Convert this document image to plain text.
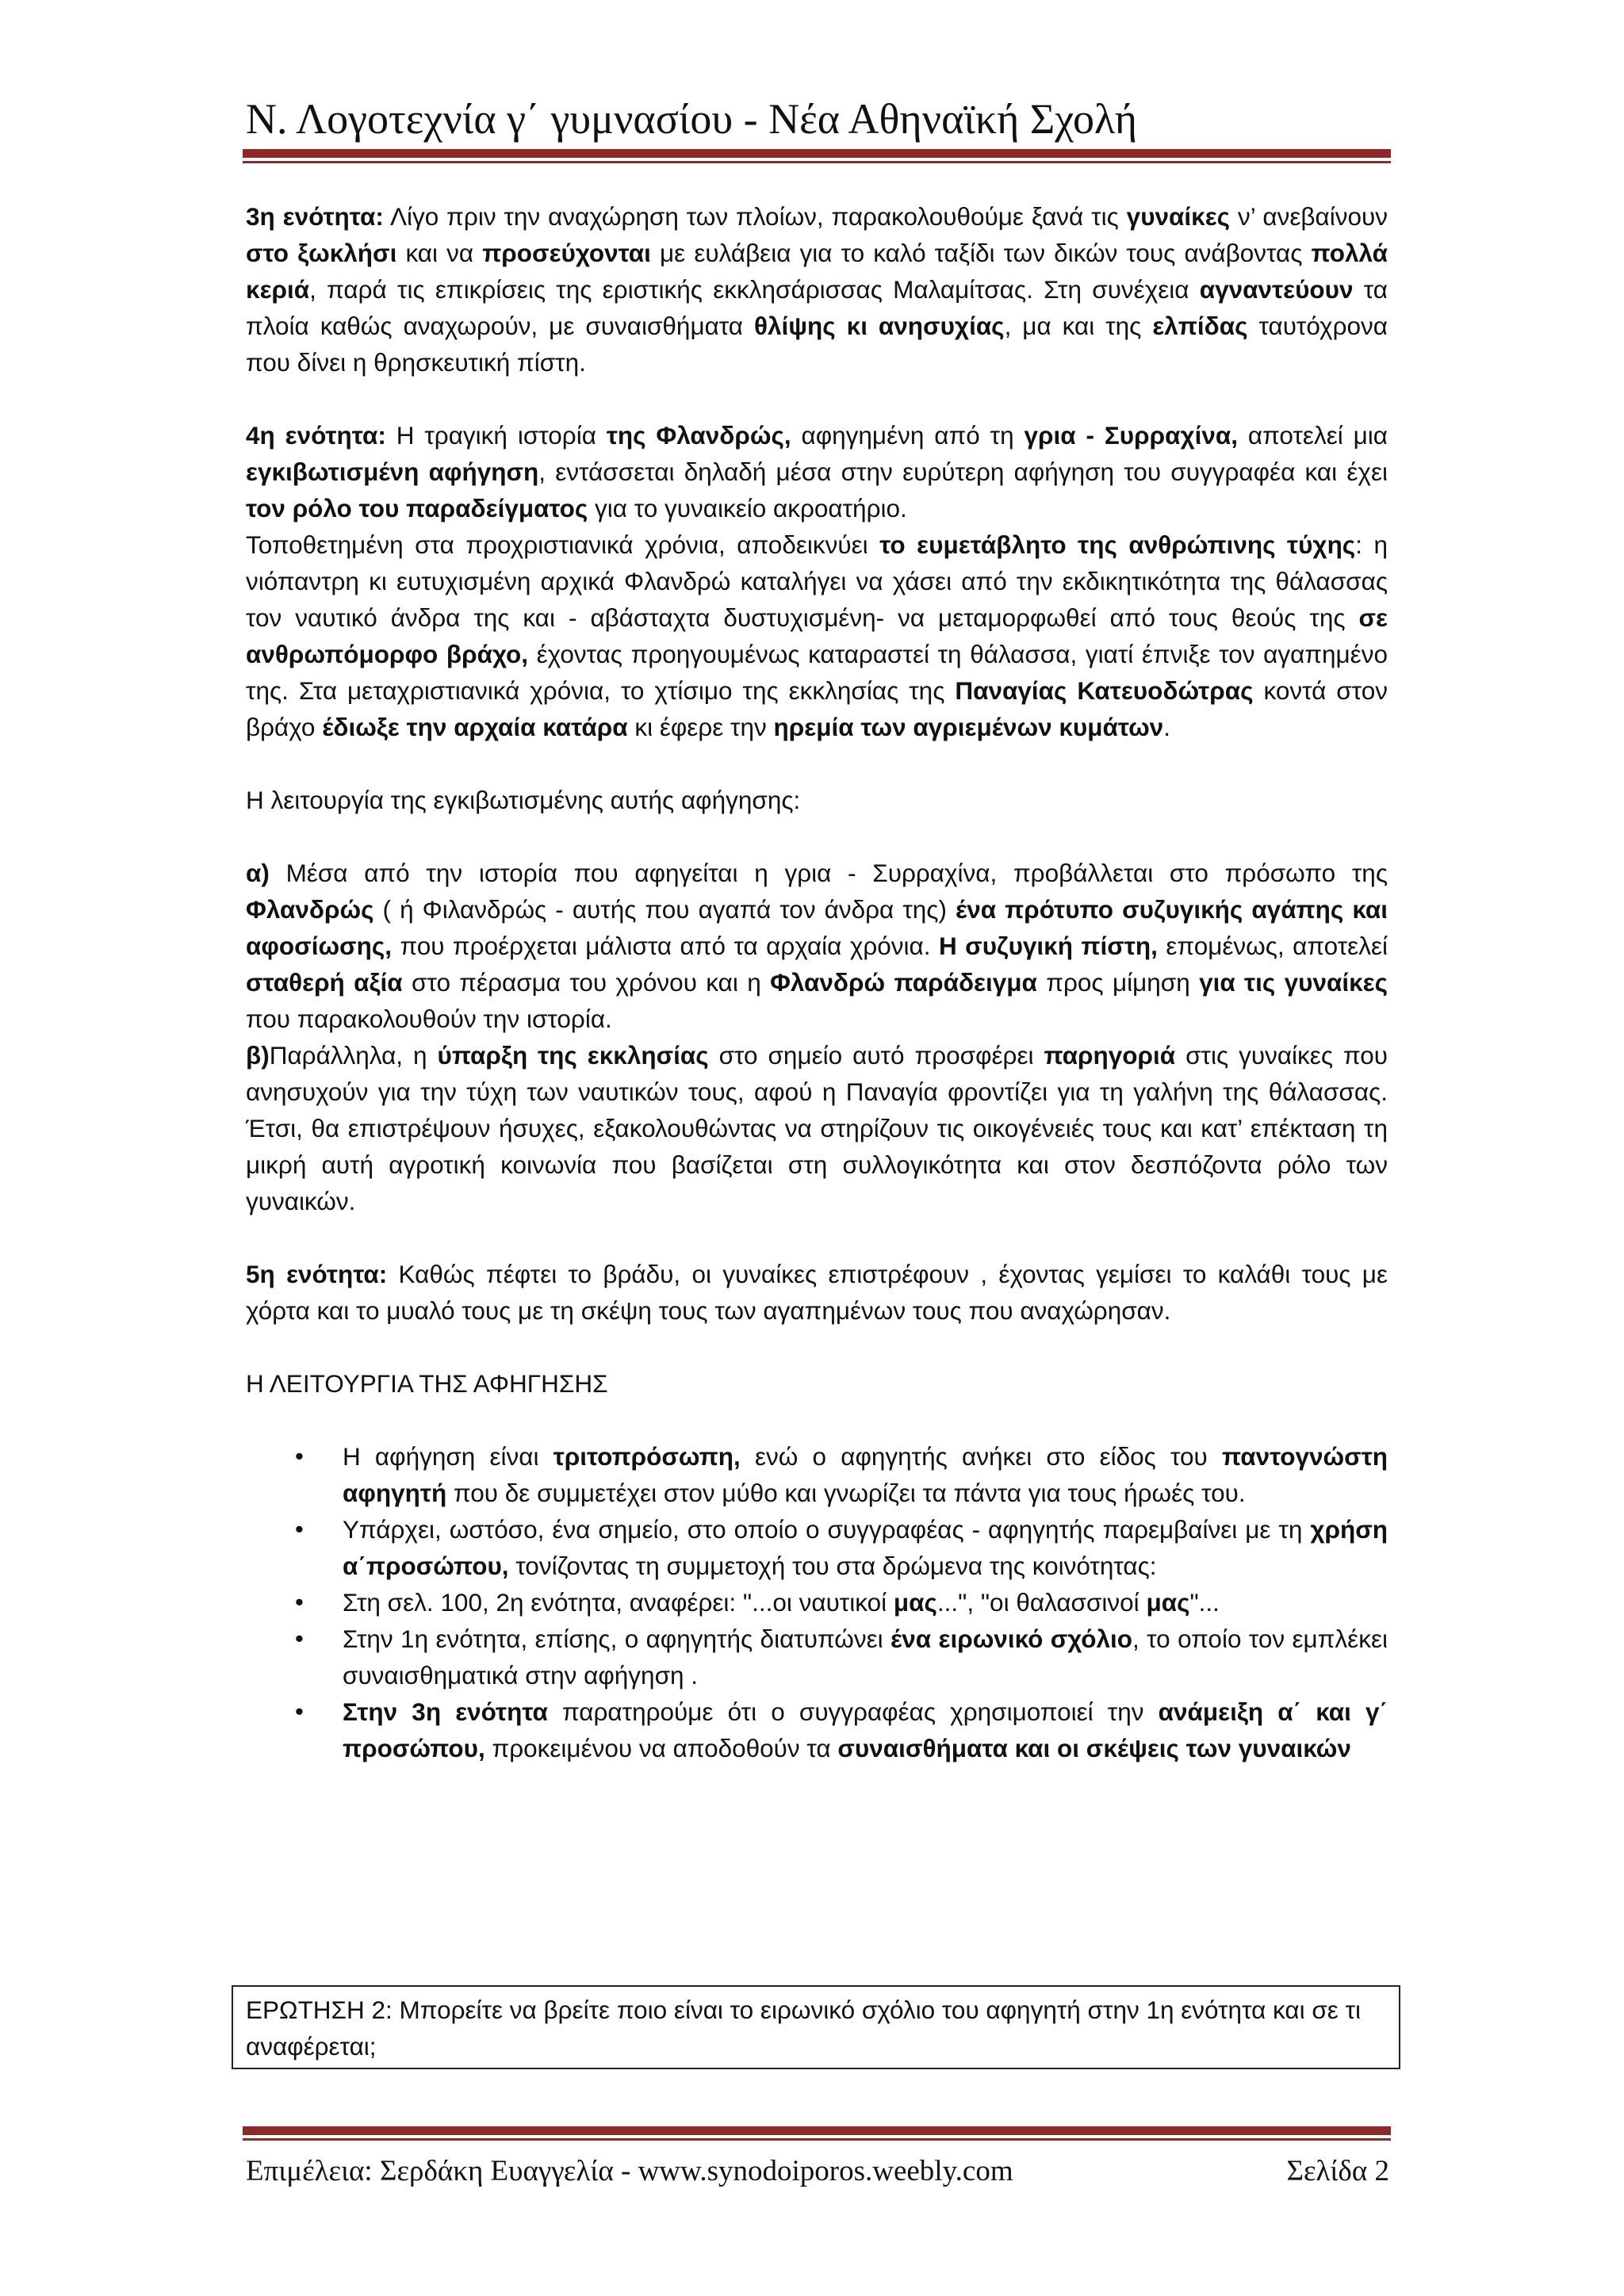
Ν. Λογοτεχνία γ΄ γυμνασίου - Νέα Αθηναϊκή Σχολή

3η ενότητα: Λίγο πριν την αναχώρηση των πλοίων, παρακολουθούμε ξανά τις γυναίκες ν’ ανεβαίνουν στο ξωκλήσι και να προσεύχονται με ευλάβεια για το καλό ταξίδι των δικών τους ανάβοντας πολλά κεριά, παρά τις επικρίσεις της εριστικής εκκλησάρισσας Μαλαμίτσας. Στη συνέχεια αγναντεύουν τα πλοία καθώς αναχωρούν, με συναισθήματα θλίψης κι ανησυχίας, μα και της ελπίδας ταυτόχρονα που δίνει η θρησκευτική πίστη.

4η ενότητα: Η τραγική ιστορία της Φλανδρώς, αφηγημένη από τη γρια - Συρραχίνα, αποτελεί μια εγκιβωτισμένη αφήγηση, εντάσσεται δηλαδή μέσα στην ευρύτερη αφήγηση του συγγραφέα και έχει τον ρόλο του παραδείγματος για το γυναικείο ακροατήριο.

Τοποθετημένη στα προχριστιανικά χρόνια, αποδεικνύει το ευμετάβλητο της ανθρώπινης τύχης: η νιόπαντρη κι ευτυχισμένη αρχικά Φλανδρώ καταλήγει να χάσει από την εκδικητικότητα της θάλασσας τον ναυτικό άνδρα της και - αβάσταχτα δυστυχισμένη- να μεταμορφωθεί από τους θεούς της σε ανθρωπόμορφο βράχο, έχοντας προηγουμένως καταραστεί τη θάλασσα, γιατί έπνιξε τον αγαπημένο της. Στα μεταχριστιανικά χρόνια, το χτίσιμο της εκκλησίας της Παναγίας Κατευοδώτρας κοντά στον βράχο έδιωξε την αρχαία κατάρα κι έφερε την ηρεμία των αγριεμένων κυμάτων.

Η λειτουργία της εγκιβωτισμένης αυτής αφήγησης:

α) Μέσα από την ιστορία που αφηγείται η γρια - Συρραχίνα, προβάλλεται στο πρόσωπο της Φλανδρώς ( ή Φιλανδρώς - αυτής που αγαπά τον άνδρα της) ένα πρότυπο συζυγικής αγάπης και αφοσίωσης, που προέρχεται μάλιστα από τα αρχαία χρόνια. Η συζυγική πίστη, επομένως, αποτελεί σταθερή αξία στο πέρασμα του χρόνου και η Φλανδρώ παράδειγμα προς μίμηση για τις γυναίκες που παρακολουθούν την ιστορία.

β)Παράλληλα, η ύπαρξη της εκκλησίας στο σημείο αυτό προσφέρει παρηγοριά στις γυναίκες που ανησυχούν για την τύχη των ναυτικών τους, αφού η Παναγία φροντίζει για τη γαλήνη της θάλασσας. Έτσι, θα επιστρέψουν ήσυχες, εξακολουθώντας να στηρίζουν τις οικογένειές τους και κατ’ επέκταση τη μικρή αυτή αγροτική κοινωνία που βασίζεται στη συλλογικότητα και στον δεσπόζοντα ρόλο των γυναικών.

5η ενότητα: Καθώς πέφτει το βράδυ, οι γυναίκες επιστρέφουν , έχοντας γεμίσει το καλάθι τους με χόρτα και το μυαλό τους με τη σκέψη τους των αγαπημένων τους που αναχώρησαν.

Η ΛΕΙΤΟΥΡΓΙΑ ΤΗΣ ΑΦΗΓΗΣΗΣ

• Η αφήγηση είναι τριτοπρόσωπη, ενώ ο αφηγητής ανήκει στο είδος του παντογνώστη αφηγητή που δε συμμετέχει στον μύθο και γνωρίζει τα πάντα για τους ήρωές του.
• Υπάρχει, ωστόσο, ένα σημείο, στο οποίο ο συγγραφέας - αφηγητής παρεμβαίνει με τη χρήση α΄προσώπου, τονίζοντας τη συμμετοχή του στα δρώμενα της κοινότητας:
• Στη σελ. 100, 2η ενότητα, αναφέρει: "...οι ναυτικοί μας...", "οι θαλασσινοί μας"...
• Στην 1η ενότητα, επίσης, ο αφηγητής διατυπώνει ένα ειρωνικό σχόλιο, το οποίο τον εμπλέκει συναισθηματικά στην αφήγηση .
• Στην 3η ενότητα παρατηρούμε ότι ο συγγραφέας χρησιμοποιεί την ανάμειξη α΄ και γ΄ προσώπου, προκειμένου να αποδοθούν τα συναισθήματα και οι σκέψεις των γυναικών

ΕΡΩΤΗΣΗ 2: Μπορείτε να βρείτε ποιο είναι το ειρωνικό σχόλιο του αφηγητή στην 1η ενότητα και σε τι αναφέρεται;

Επιμέλεια: Σερδάκη Ευαγγελία - www.synodoiporos.weebly.com	Σελίδα 2
